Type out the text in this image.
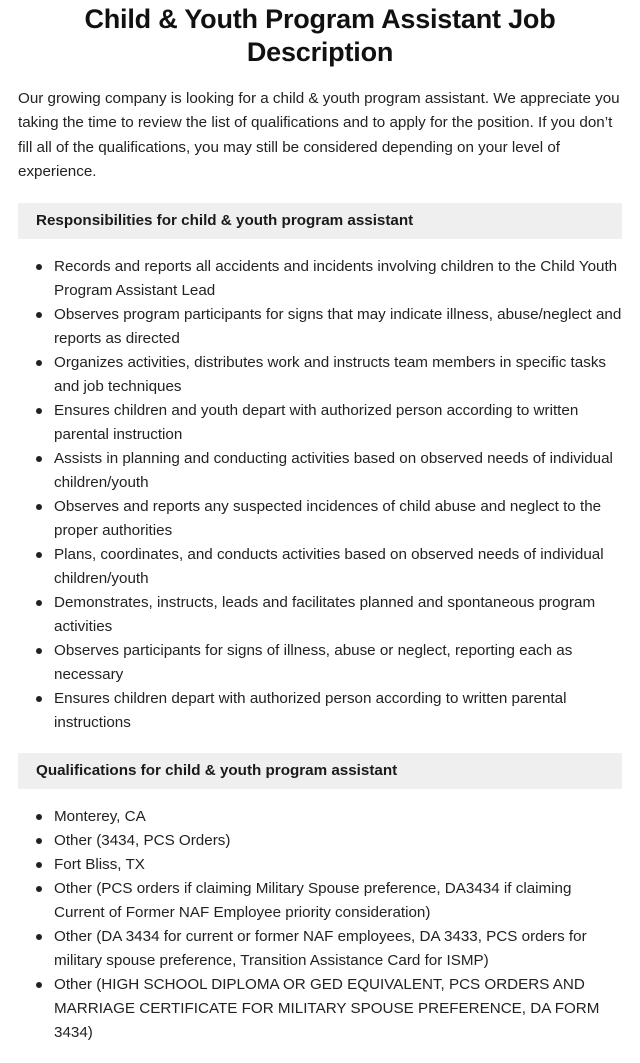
Child & Youth Program Assistant Job Description

Our growing company is looking for a child & youth program assistant. We appreciate you taking the time to review the list of qualifications and to apply for the position. If you don’t fill all of the qualifications, you may still be considered depending on your level of experience.

Responsibilities for child & youth program assistant
Records and reports all accidents and incidents involving children to the Child Youth Program Assistant Lead
Observes program participants for signs that may indicate illness, abuse/neglect and reports as directed
Organizes activities, distributes work and instructs team members in specific tasks and job techniques
Ensures children and youth depart with authorized person according to written parental instruction
Assists in planning and conducting activities based on observed needs of individual children/youth
Observes and reports any suspected incidences of child abuse and neglect to the proper authorities
Plans, coordinates, and conducts activities based on observed needs of individual children/youth
Demonstrates, instructs, leads and facilitates planned and spontaneous program activities
Observes participants for signs of illness, abuse or neglect, reporting each as necessary
Ensures children depart with authorized person according to written parental instructions
Qualifications for child & youth program assistant
Monterey, CA
Other (3434, PCS Orders)
Fort Bliss, TX
Other (PCS orders if claiming Military Spouse preference, DA3434 if claiming Current of Former NAF Employee priority consideration)
Other (DA 3434 for current or former NAF employees, DA 3433, PCS orders for military spouse preference, Transition Assistance Card for ISMP)
Other (HIGH SCHOOL DIPLOMA OR GED EQUIVALENT, PCS ORDERS AND MARRIAGE CERTIFICATE FOR MILITARY SPOUSE PREFERENCE, DA FORM 3434)
